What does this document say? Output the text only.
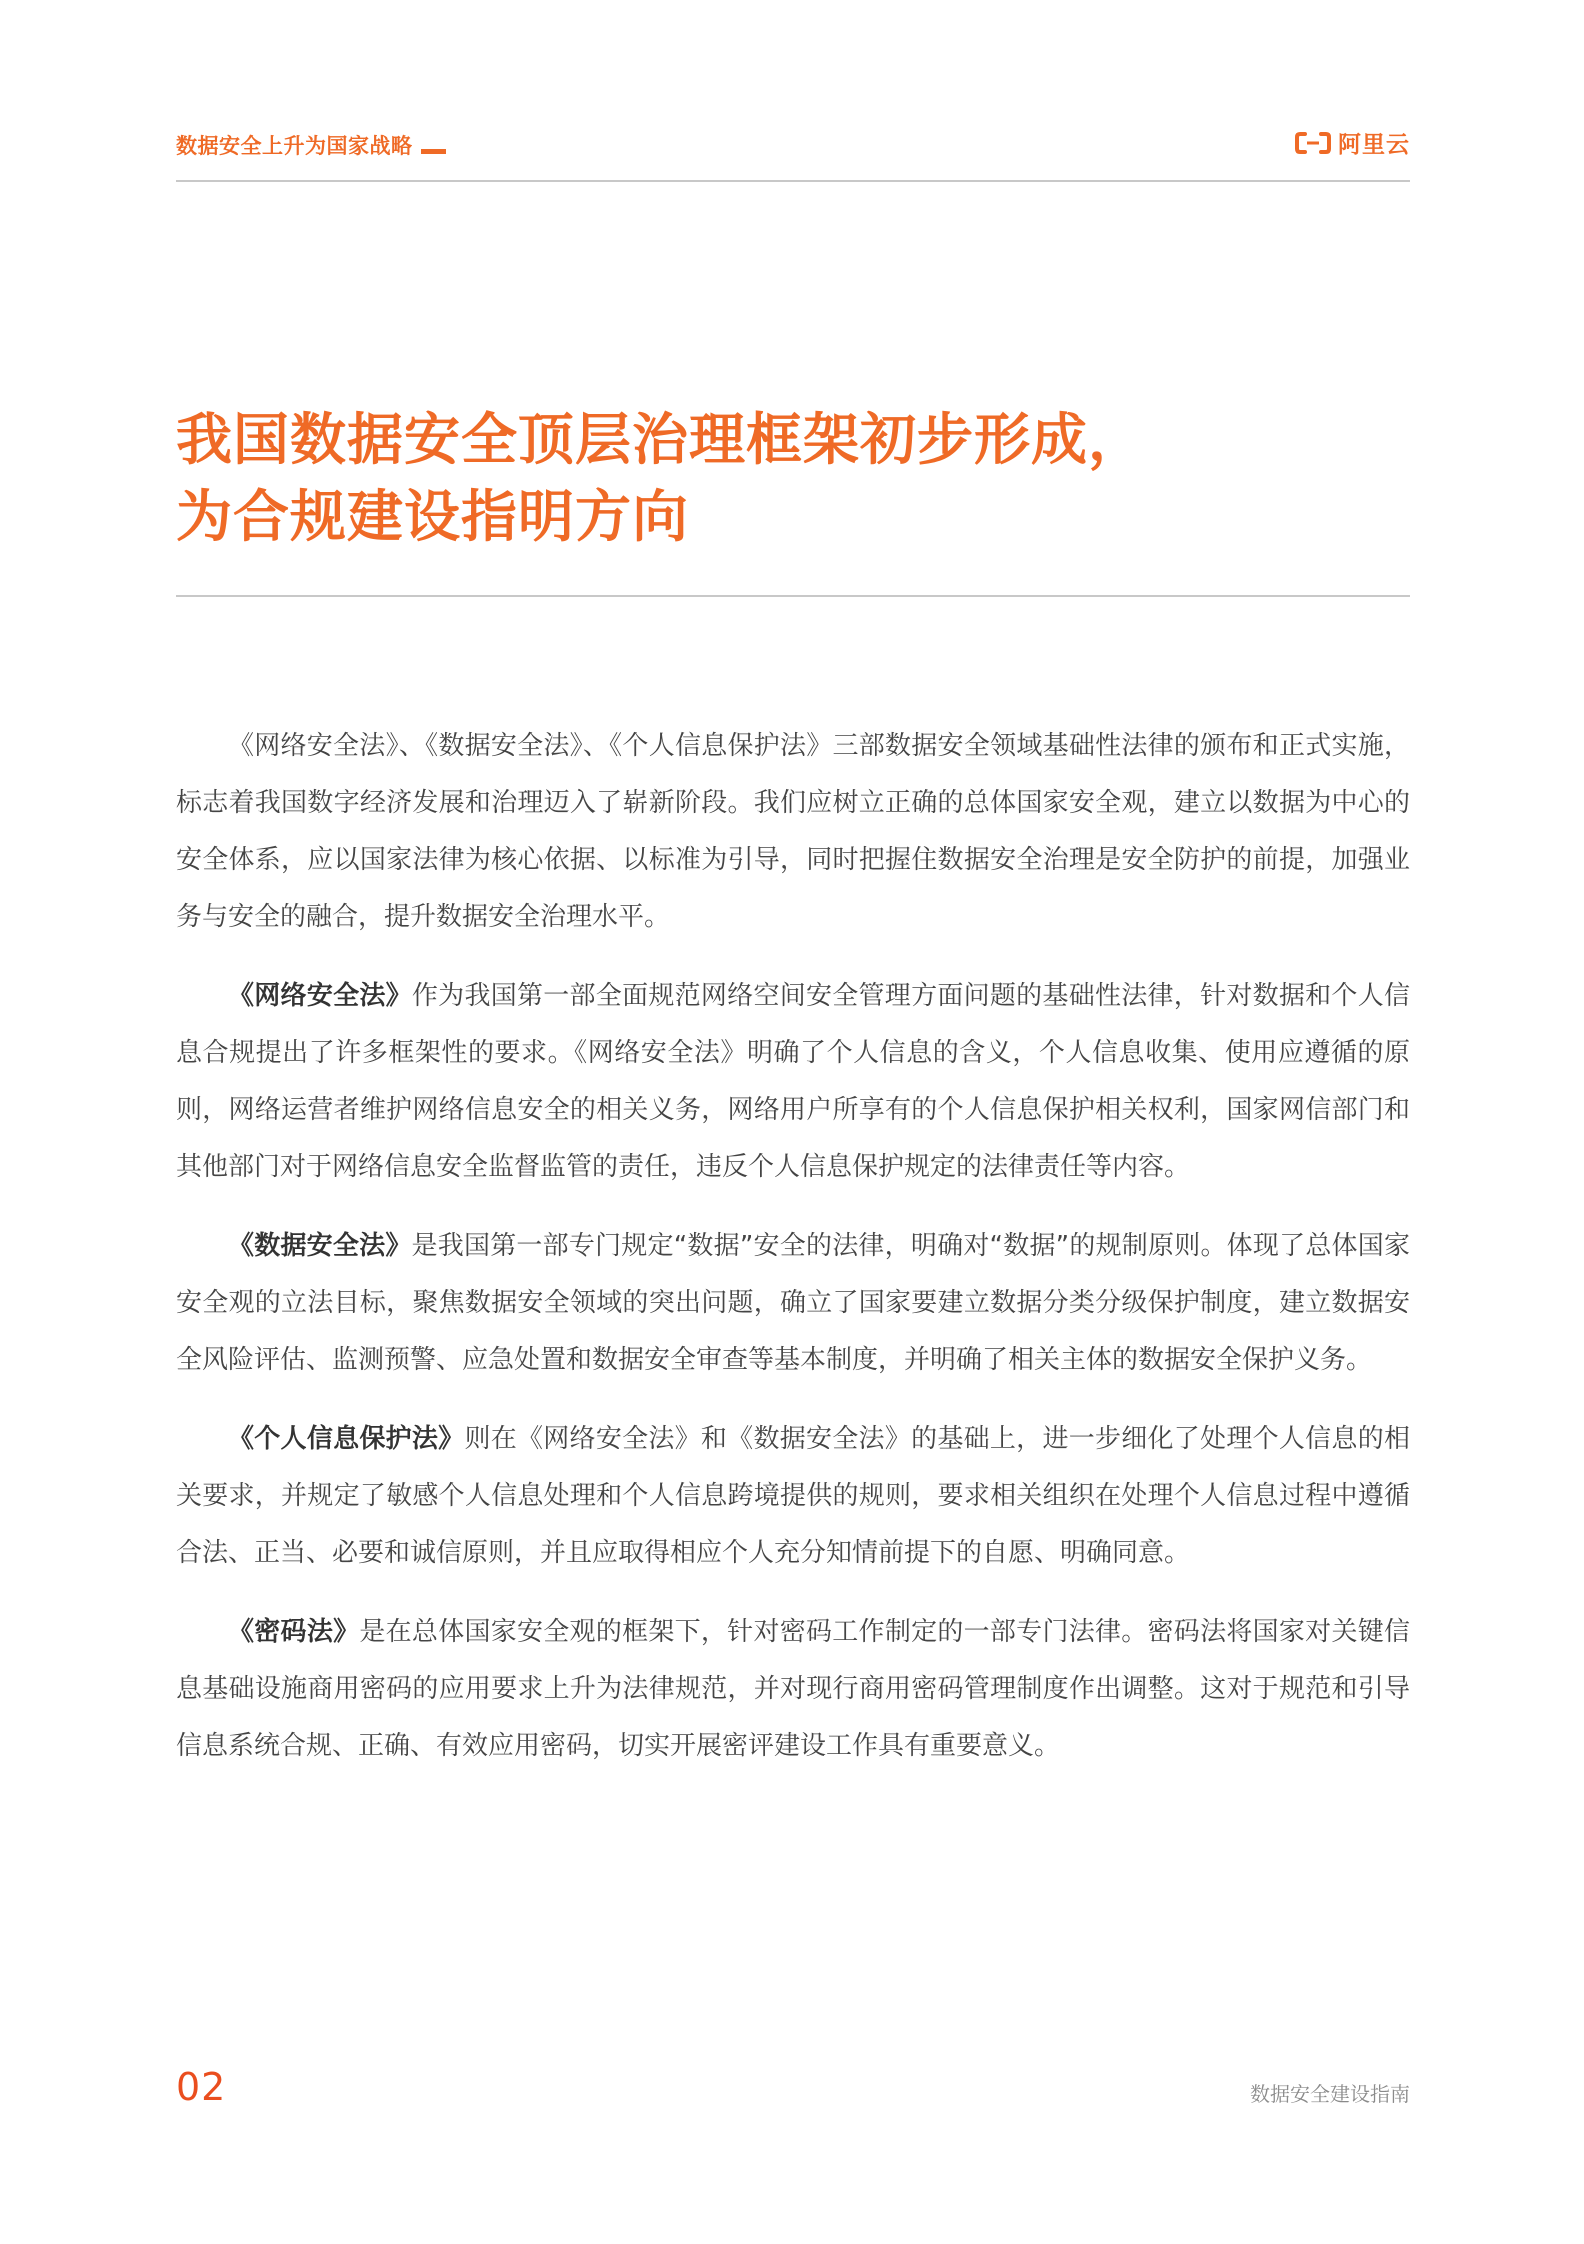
数据安全上升为国家战略	阿里云
我国数据安全顶层治理框架初步形成，
为合规建设指明方向

《网络安全法》、《数据安全法》、《个人信息保护法》三部数据安全领域基础性法律的颁布和正式实施，标志着我国数字经济发展和治理迈入了崭新阶段。我们应树立正确的总体国家安全观，建立以数据为中心的安全体系，应以国家法律为核心依据、以标准为引导，同时把握住数据安全治理是安全防护的前提，加强业务与安全的融合，提升数据安全治理水平。

《网络安全法》作为我国第一部全面规范网络空间安全管理方面问题的基础性法律，针对数据和个人信息合规提出了许多框架性的要求。《网络安全法》明确了个人信息的含义，个人信息收集、使用应遵循的原则，网络运营者维护网络信息安全的相关义务，网络用户所享有的个人信息保护相关权利，国家网信部门和其他部门对于网络信息安全监督监管的责任，违反个人信息保护规定的法律责任等内容。

《数据安全法》是我国第一部专门规定“数据”安全的法律，明确对“数据”的规制原则。体现了总体国家安全观的立法目标，聚焦数据安全领域的突出问题，确立了国家要建立数据分类分级保护制度，建立数据安全风险评估、监测预警、应急处置和数据安全审查等基本制度，并明确了相关主体的数据安全保护义务。

《个人信息保护法》则在《网络安全法》和《数据安全法》的基础上，进一步细化了处理个人信息的相关要求，并规定了敏感个人信息处理和个人信息跨境提供的规则，要求相关组织在处理个人信息过程中遵循合法、正当、必要和诚信原则，并且应取得相应个人充分知情前提下的自愿、明确同意。

《密码法》是在总体国家安全观的框架下，针对密码工作制定的一部专门法律。密码法将国家对关键信息基础设施商用密码的应用要求上升为法律规范，并对现行商用密码管理制度作出调整。这对于规范和引导信息系统合规、正确、有效应用密码，切实开展密评建设工作具有重要意义。

02	数据安全建设指南
